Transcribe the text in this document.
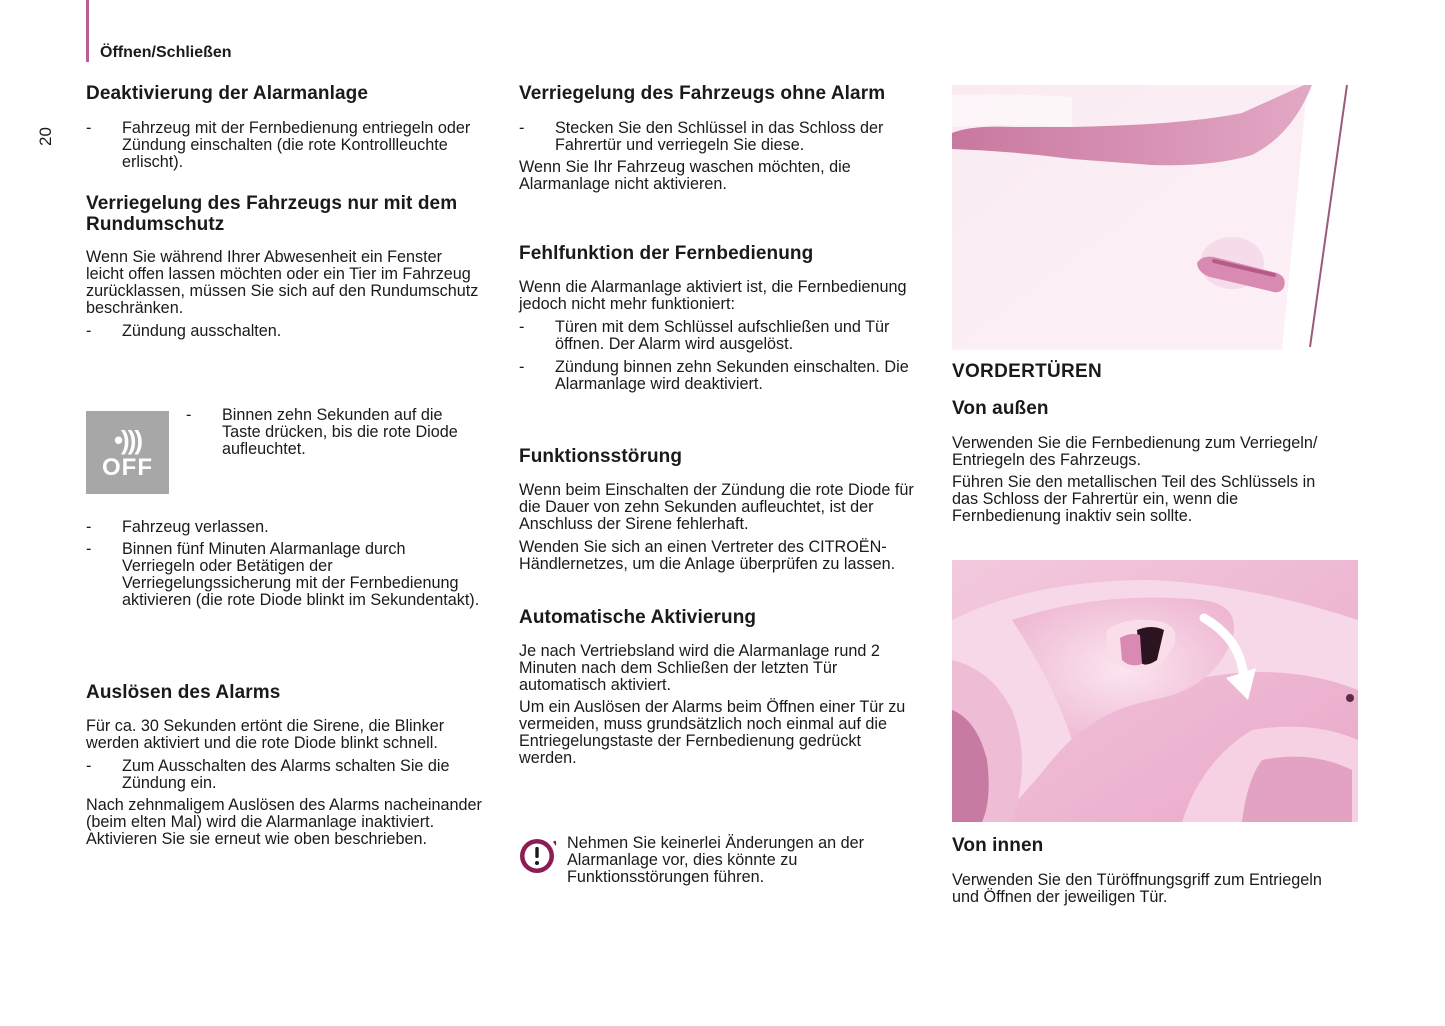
Öffnen/Schließen
20
Deaktivierung der Alarmanlage
- Fahrzeug mit der Fernbedienung entriegeln oder Zündung einschalten (die rote Kontrollleuchte erlischt).
Verriegelung des Fahrzeugs nur mit dem
Rundumschutz

Wenn Sie während Ihrer Abwesenheit ein Fenster leicht offen lassen möchten oder ein Tier im Fahrzeug zurücklassen, müssen Sie sich auf den Rundumschutz beschränken.

- Zündung ausschalten.
- Binnen zehn Sekunden auf die Taste drücken, bis die rote Diode aufleuchtet.
- Fahrzeug verlassen.
- Binnen fünf Minuten Alarmanlage durch Verriegeln oder Betätigen der Verriegelungssicherung mit der Fernbedienung aktivieren (die rote Diode blinkt im Sekundentakt).
Auslösen des Alarms

Für ca. 30 Sekunden ertönt die Sirene, die Blinker werden aktiviert und die rote Diode blinkt schnell.

- Zum Ausschalten des Alarms schalten Sie die Zündung ein.

Nach zehnmaligem Auslösen des Alarms nacheinander (beim elten Mal) wird die Alarmanlage inaktiviert. Aktivieren Sie sie erneut wie oben beschrieben.

•)))
OFF
Verriegelung des Fahrzeugs ohne Alarm
- Stecken Sie den Schlüssel in das Schloss der Fahrertür und verriegeln Sie diese.

Wenn Sie Ihr Fahrzeug waschen möchten, die Alarmanlage nicht aktivieren.

Fehlfunktion der Fernbedienung

Wenn die Alarmanlage aktiviert ist, die Fernbedienung jedoch nicht mehr funktioniert:

- Türen mit dem Schlüssel aufschließen und Tür öffnen. Der Alarm wird ausgelöst.
- Zündung binnen zehn Sekunden einschalten. Die Alarmanlage wird deaktiviert.
Funktionsstörung

Wenn beim Einschalten der Zündung die rote Diode für die Dauer von zehn Sekunden aufleuchtet, ist der Anschluss der Sirene fehlerhaft.

Wenden Sie sich an einen Vertreter des CITROËN-Händlernetzes, um die Anlage überprüfen zu lassen.

Automatische Aktivierung

Je nach Vertriebsland wird die Alarmanlage rund 2 Minuten nach dem Schließen der letzten Tür automatisch aktiviert.

Um ein Auslösen der Alarms beim Öffnen einer Tür zu vermeiden, muss grundsätzlich noch einmal auf die Entriegelungstaste der Fernbedienung gedrückt werden.

Nehmen Sie keinerlei Änderungen an der Alarmanlage vor, dies könnte zu Funktionsstörungen führen.

VORDERTÜREN
Von außen

Verwenden Sie die Fernbedienung zum Verriegeln/ Entriegeln des Fahrzeugs.

Führen Sie den metallischen Teil des Schlüssels in das Schloss der Fahrertür ein, wenn die Fernbedienung inaktiv sein sollte.

Von innen

Verwenden Sie den Türöffnungsgriff zum Entriegeln und Öffnen der jeweiligen Tür.
